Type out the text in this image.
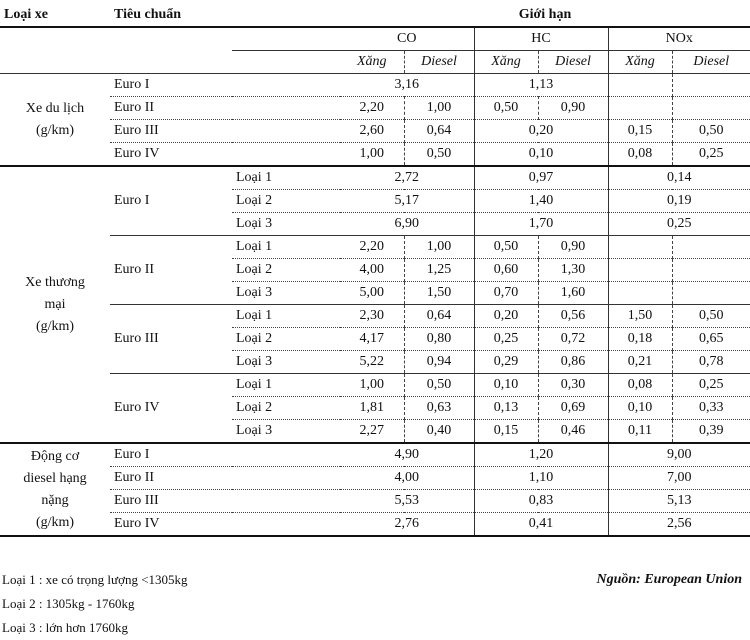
Loại xe	Tiêu chuẩn		Giới hạn					
			CO		HC		NOx	
			Xăng	Diesel	Xăng	Diesel	Xăng	Diesel
Xe du lịch
(g/km)	Euro I		3,16		1,13			
	Euro II		2,20	1,00	0,50	0,90		
	Euro III		2,60	0,64	0,20		0,15	0,50
	Euro IV		1,00	0,50	0,10		0,08	0,25
Xe thương
mại
(g/km)	Euro I	Loại 1	2,72		0,97		0,14	
		Loại 2	5,17		1,40		0,19	
		Loại 3	6,90		1,70		0,25	
	Euro II	Loại 1	2,20	1,00	0,50	0,90		
		Loại 2	4,00	1,25	0,60	1,30		
		Loại 3	5,00	1,50	0,70	1,60		
	Euro III	Loại 1	2,30	0,64	0,20	0,56	1,50	0,50
		Loại 2	4,17	0,80	0,25	0,72	0,18	0,65
		Loại 3	5,22	0,94	0,29	0,86	0,21	0,78
	Euro IV	Loại 1	1,00	0,50	0,10	0,30	0,08	0,25
		Loại 2	1,81	0,63	0,13	0,69	0,10	0,33
		Loại 3	2,27	0,40	0,15	0,46	0,11	0,39
Động cơ
diesel hạng
nặng
(g/km)	Euro I		4,90		1,20		9,00	
	Euro II		4,00		1,10		7,00	
	Euro III		5,53		0,83		5,13	
	Euro IV		2,76		0,41		2,56	
Loại 1 : xe có trọng lượng <1305kg
Loại 2 : 1305kg - 1760kg
Loại 3 : lớn hơn 1760kg
Nguồn: European Union
